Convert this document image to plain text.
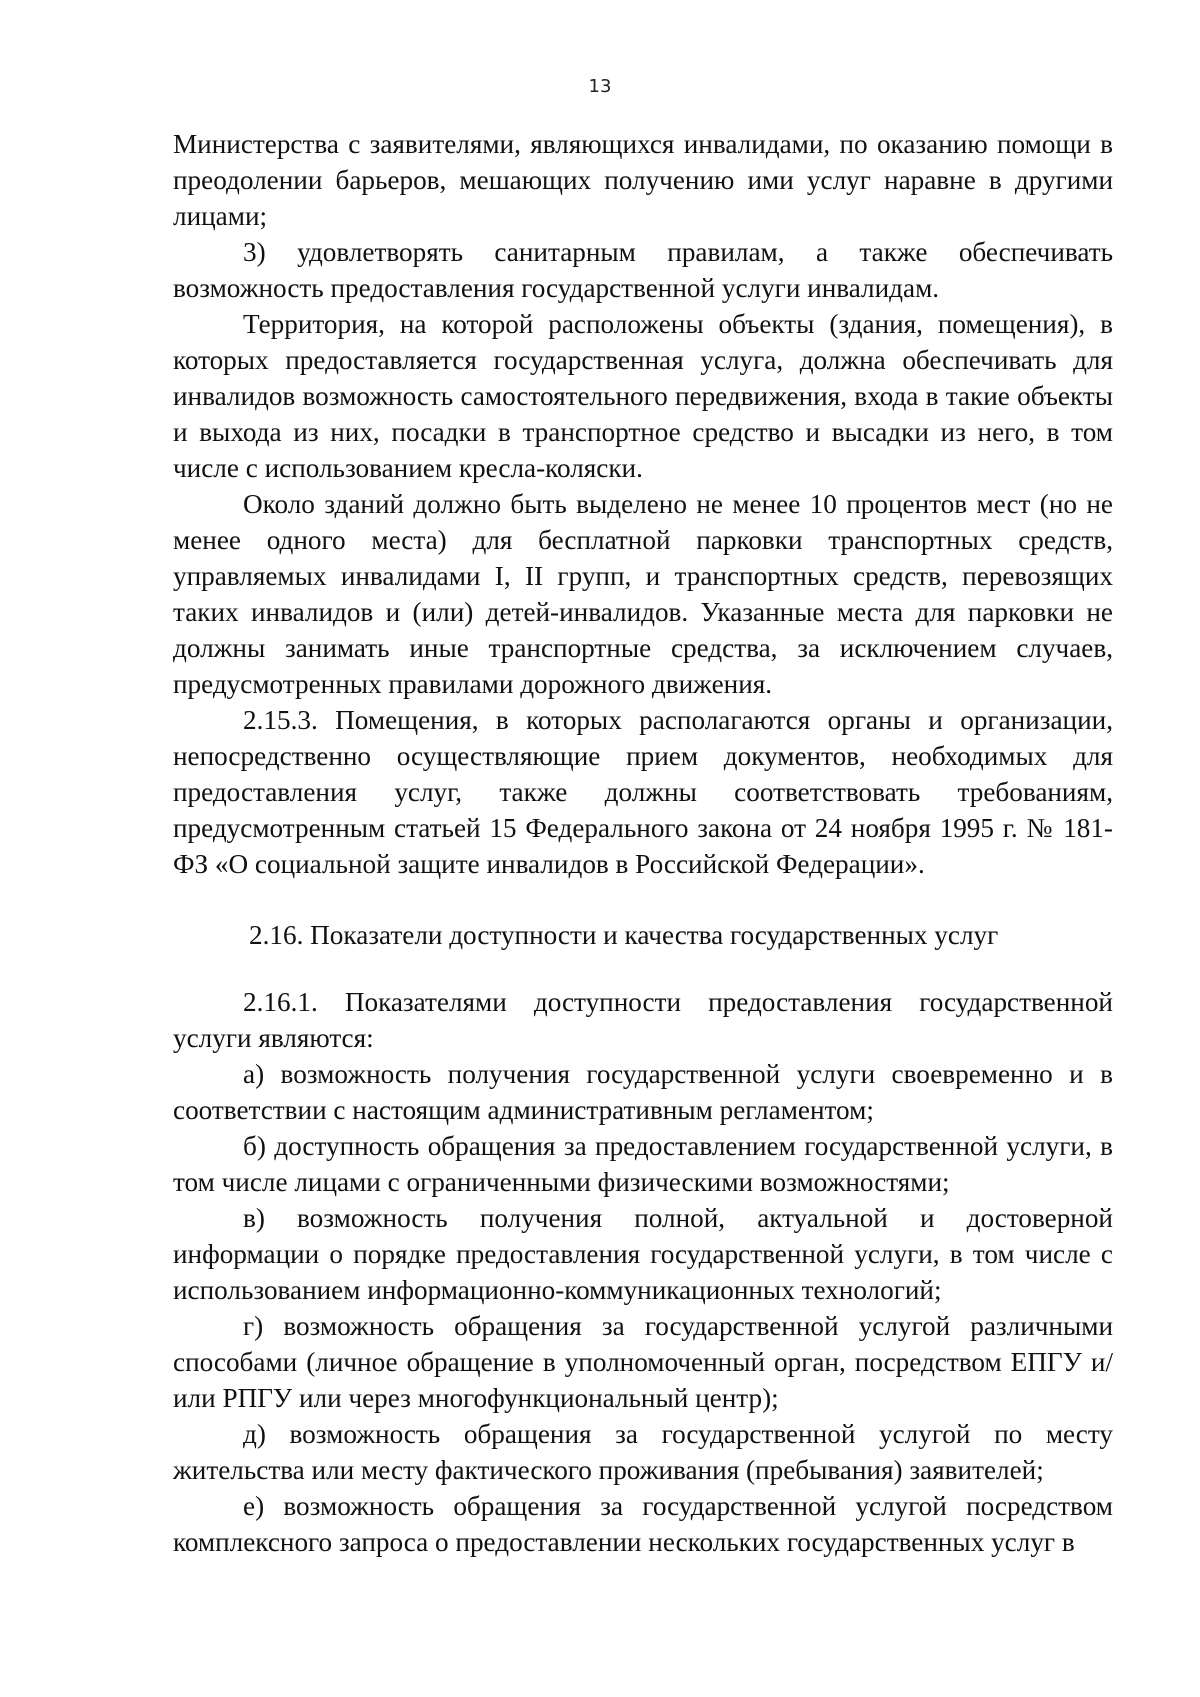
13

Министерства с заявителями, являющихся инвалидами, по оказанию помощи в преодолении барьеров, мешающих получению ими услуг наравне в другими лицами;

3) удовлетворять санитарным правилам, а также обеспечивать возможность предоставления государственной услуги инвалидам.

Территория, на которой расположены объекты (здания, помещения), в которых предоставляется государственная услуга, должна обеспечивать для инвалидов возможность самостоятельного передвижения, входа в такие объекты и выхода из них, посадки в транспортное средство и высадки из него, в том числе с использованием кресла-коляски.

Около зданий должно быть выделено не менее 10 процентов мест (но не менее одного места) для бесплатной парковки транспортных средств, управляемых инвалидами I, II групп, и транспортных средств, перевозящих таких инвалидов и (или) детей-инвалидов. Указанные места для парковки не должны занимать иные транспортные средства, за исключением случаев, предусмотренных правилами дорожного движения.

2.15.3. Помещения, в которых располагаются органы и организации, непосредственно осуществляющие прием документов, необходимых для предоставления услуг, также должны соответствовать требованиям, предусмотренным статьей 15 Федерального закона от 24 ноября 1995 г. № 181-ФЗ «О социальной защите инвалидов в Российской Федерации».

2.16. Показатели доступности и качества государственных услуг

2.16.1. Показателями доступности предоставления государственной услуги являются:

а) возможность получения государственной услуги своевременно и в соответствии с настоящим административным регламентом;

б) доступность обращения за предоставлением государственной услуги, в том числе лицами с ограниченными физическими возможностями;

в) возможность получения полной, актуальной и достоверной информации о порядке предоставления государственной услуги, в том числе с использованием информационно-коммуникационных технологий;

г) возможность обращения за государственной услугой различными способами (личное обращение в уполномоченный орган, посредством ЕПГУ и/или РПГУ или через многофункциональный центр);

д) возможность обращения за государственной услугой по месту жительства или месту фактического проживания (пребывания) заявителей;

е) возможность обращения за государственной услугой посредством комплексного запроса о предоставлении нескольких государственных услуг в
